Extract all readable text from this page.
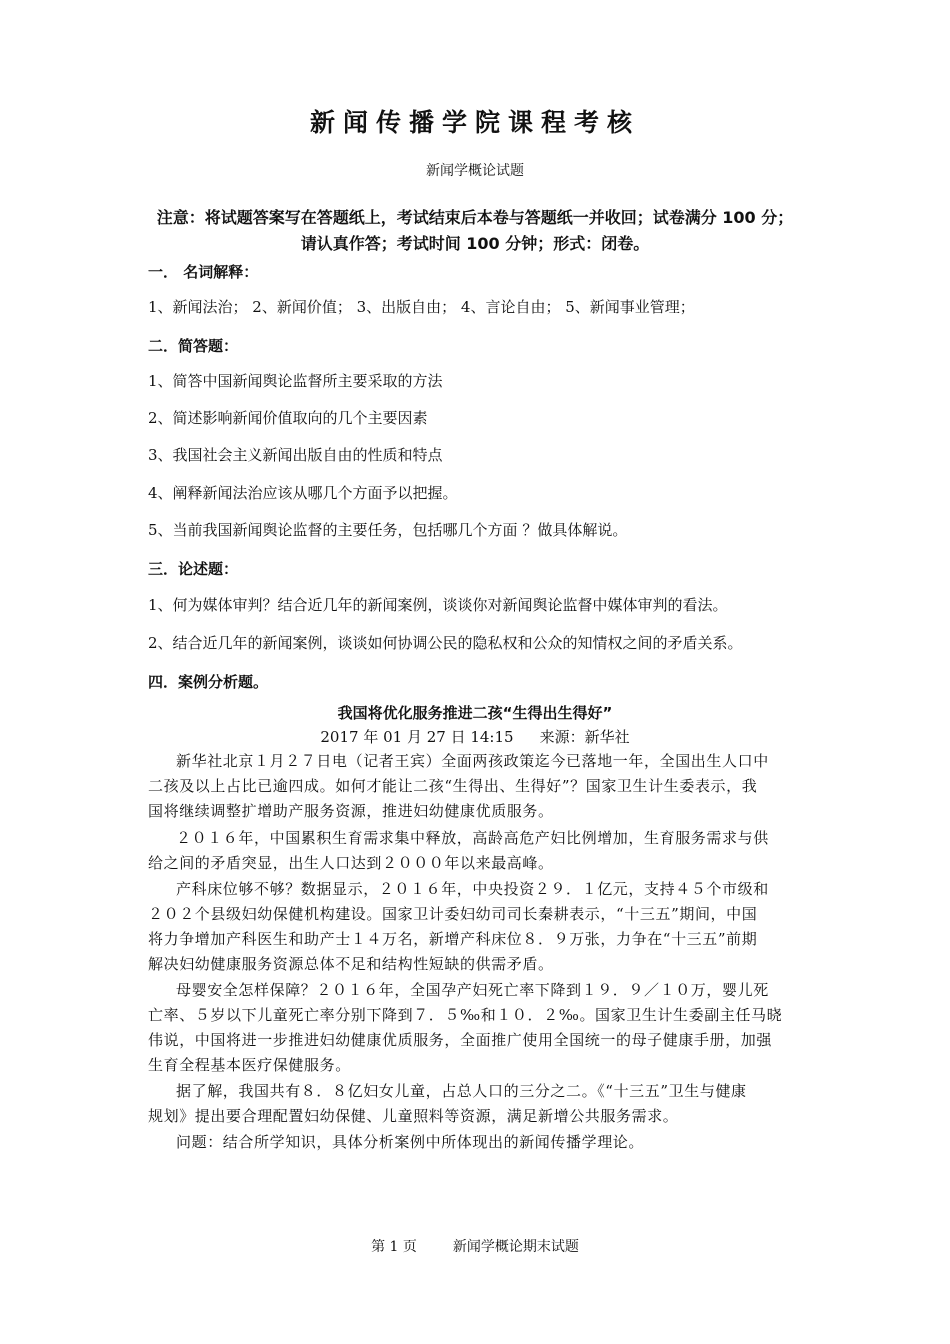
新闻传播学院课程考核
新闻学概论试题
注意：将试题答案写在答题纸上，考试结束后本卷与答题纸一并收回；试卷满分 100 分；
请认真作答；考试时间 100 分钟；形式：闭卷。
一． 名词解释：
1、新闻法治； 2、新闻价值； 3、出版自由； 4、言论自由； 5、新闻事业管理；
二．简答题：
1、简答中国新闻舆论监督所主要采取的方法
2、简述影响新闻价值取向的几个主要因素
3、我国社会主义新闻出版自由的性质和特点
4、阐释新闻法治应该从哪几个方面予以把握。
5、当前我国新闻舆论监督的主要任务，包括哪几个方面 ？做具体解说。
三．论述题：
1、何为媒体审判？结合近几年的新闻案例，谈谈你对新闻舆论监督中媒体审判的看法。
2、结合近几年的新闻案例，谈谈如何协调公民的隐私权和公众的知情权之间的矛盾关系。
四．案例分析题。
我国将优化服务推进二孩“生得出生得好”
2017 年 01 月 27 日 14:15 来源：新华社
新华社北京１月２７日电（记者王宾）全面两孩政策迄今已落地一年，全国出生人口中
二孩及以上占比已逾四成。如何才能让二孩“生得出、生得好”？国家卫生计生委表示，我
国将继续调整扩增助产服务资源，推进妇幼健康优质服务。
２０１６年，中国累积生育需求集中释放，高龄高危产妇比例增加，生育服务需求与供
给之间的矛盾突显，出生人口达到２０００年以来最高峰。
产科床位够不够？数据显示，２０１６年，中央投资２９．１亿元，支持４５个市级和
２０２个县级妇幼保健机构建设。国家卫计委妇幼司司长秦耕表示，“十三五”期间，中国
将力争增加产科医生和助产士１４万名，新增产科床位８．９万张，力争在“十三五”前期
解决妇幼健康服务资源总体不足和结构性短缺的供需矛盾。
母婴安全怎样保障？２０１６年，全国孕产妇死亡率下降到１９．９／１０万，婴儿死
亡率、５岁以下儿童死亡率分别下降到７．５‰和１０．２‰。国家卫生计生委副主任马晓
伟说，中国将进一步推进妇幼健康优质服务，全面推广使用全国统一的母子健康手册，加强
生育全程基本医疗保健服务。
据了解，我国共有８．８亿妇女儿童，占总人口的三分之二。《“十三五”卫生与健康
规划》提出要合理配置妇幼保健、儿童照料等资源，满足新增公共服务需求。
问题：结合所学知识，具体分析案例中所体现出的新闻传播学理论。
第 1 页	新闻学概论期末试题
